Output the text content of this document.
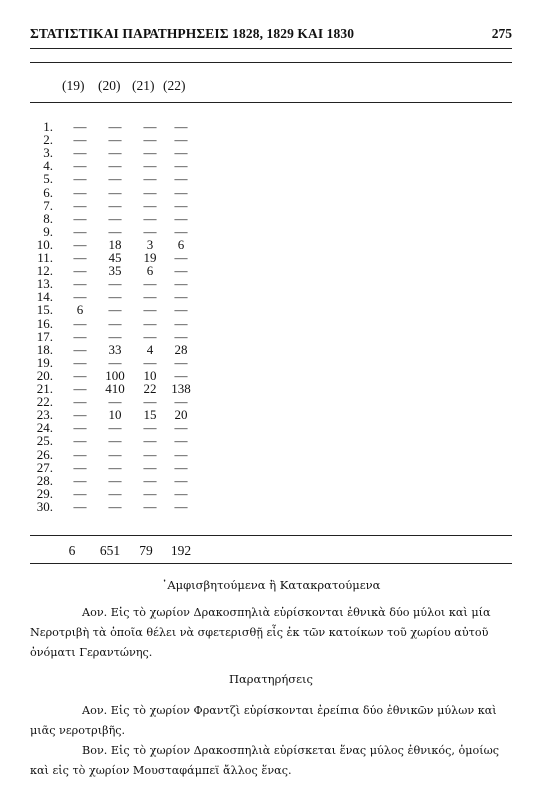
ΣΤΑΤΙΣΤΙΚΑΙ ΠΑΡΑΤΗΡΗΣΕΙΣ 1828, 1829 ΚΑΙ 1830	275
(19) (20) (21) (22)
1.	—	—	—	—
2.	—	—	—	—
3.	—	—	—	—
4.	—	—	—	—
5.	—	—	—	—
6.	—	—	—	—
7.	—	—	—	—
8.	—	—	—	—
9.	—	—	—	—
10.	—	18	3	6
11.	—	45	19	—
12.	—	35	6	—
13.	—	—	—	—
14.	—	—	—	—
15.	6	—	—	—
16.	—	—	—	—
17.	—	—	—	—
18.	—	33	4	28
19.	—	—	—	—
20.	—	100	10	—
21.	—	410	22	138
22.	—	—	—	—
23.	—	10	15	20
24.	—	—	—	—
25.	—	—	—	—
26.	—	—	—	—
27.	—	—	—	—
28.	—	—	—	—
29.	—	—	—	—
30.	—	—	—	—
6	651	79	192
᾿Αμφισβητούμενα ἢ Κατακρατούμενα
Αον. Εἰς τὸ χωρίον Δρακοσπηλιὰ εὑρίσκονται ἐθνικὰ δύο μύλοι καὶ μία
Νεροτριβὴ τὰ ὁποῖα θέλει νὰ σφετερισθῇ εἷς ἐκ τῶν κατοίκων τοῦ χωρίου αὐτοῦ
ὀνόματι Γεραντώνης.
Παρατηρήσεις
Αον. Εἰς τὸ χωρίον Φραντζὶ εὑρίσκονται ἐρείπια δύο ἐθνικῶν μύλων καὶ
μιᾶς νεροτριβῆς.
Βον. Εἰς τὸ χωρίον Δρακοσπηλιὰ εὑρίσκεται ἕνας μύλος ἐθνικός, ὁμοίως
καὶ εἰς τὸ χωρίον Μουσταφάμπεϊ ἄλλος ἕνας.
